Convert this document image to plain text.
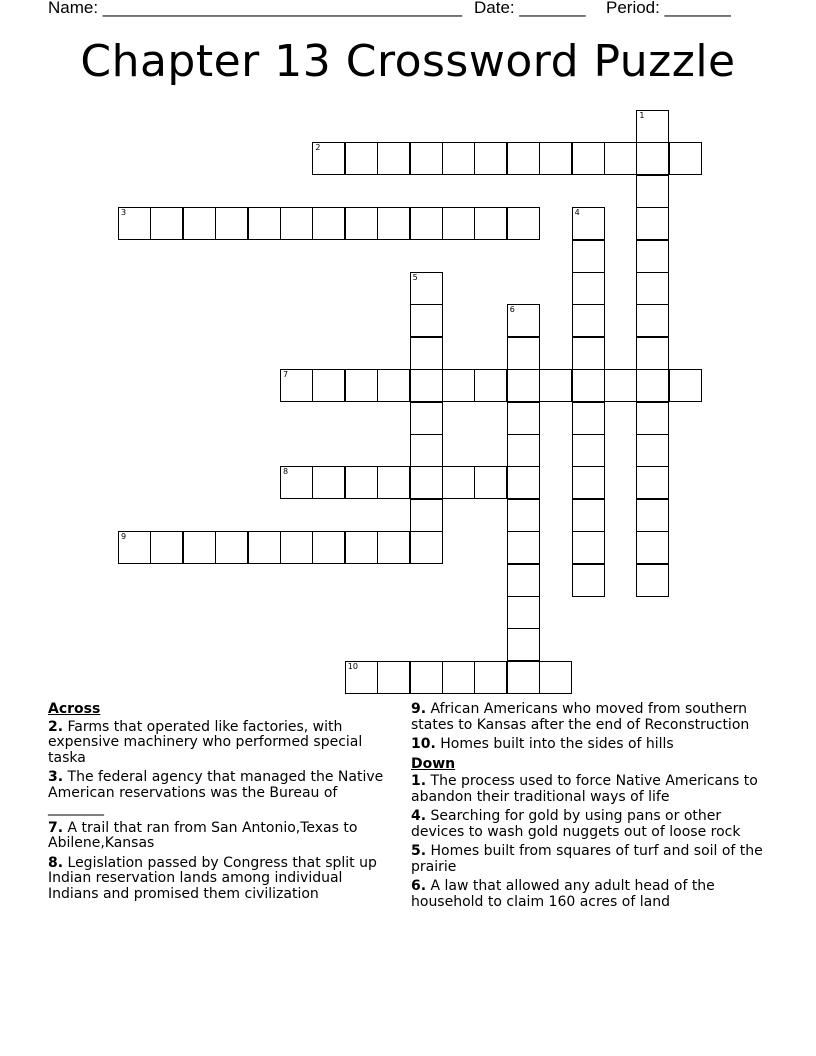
Name: ______________________________________ Date: _______ Period: _______
Chapter 13 Crossword Puzzle
1
2
3	4
5
6
7
8
9
10
Across
2. Farms that operated like factories, with expensive machinery who performed special taska
3. The federal agency that managed the Native American reservations was the Bureau of ________
7. A trail that ran from San Antonio,Texas to Abilene,Kansas
8. Legislation passed by Congress that split up Indian reservation lands among individual Indians and promised them civilization
9. African Americans who moved from southern states to Kansas after the end of Reconstruction
10. Homes built into the sides of hills
Down
1. The process used to force Native Americans to abandon their traditional ways of life
4. Searching for gold by using pans or other devices to wash gold nuggets out of loose rock
5. Homes built from squares of turf and soil of the prairie
6. A law that allowed any adult head of the household to claim 160 acres of land
